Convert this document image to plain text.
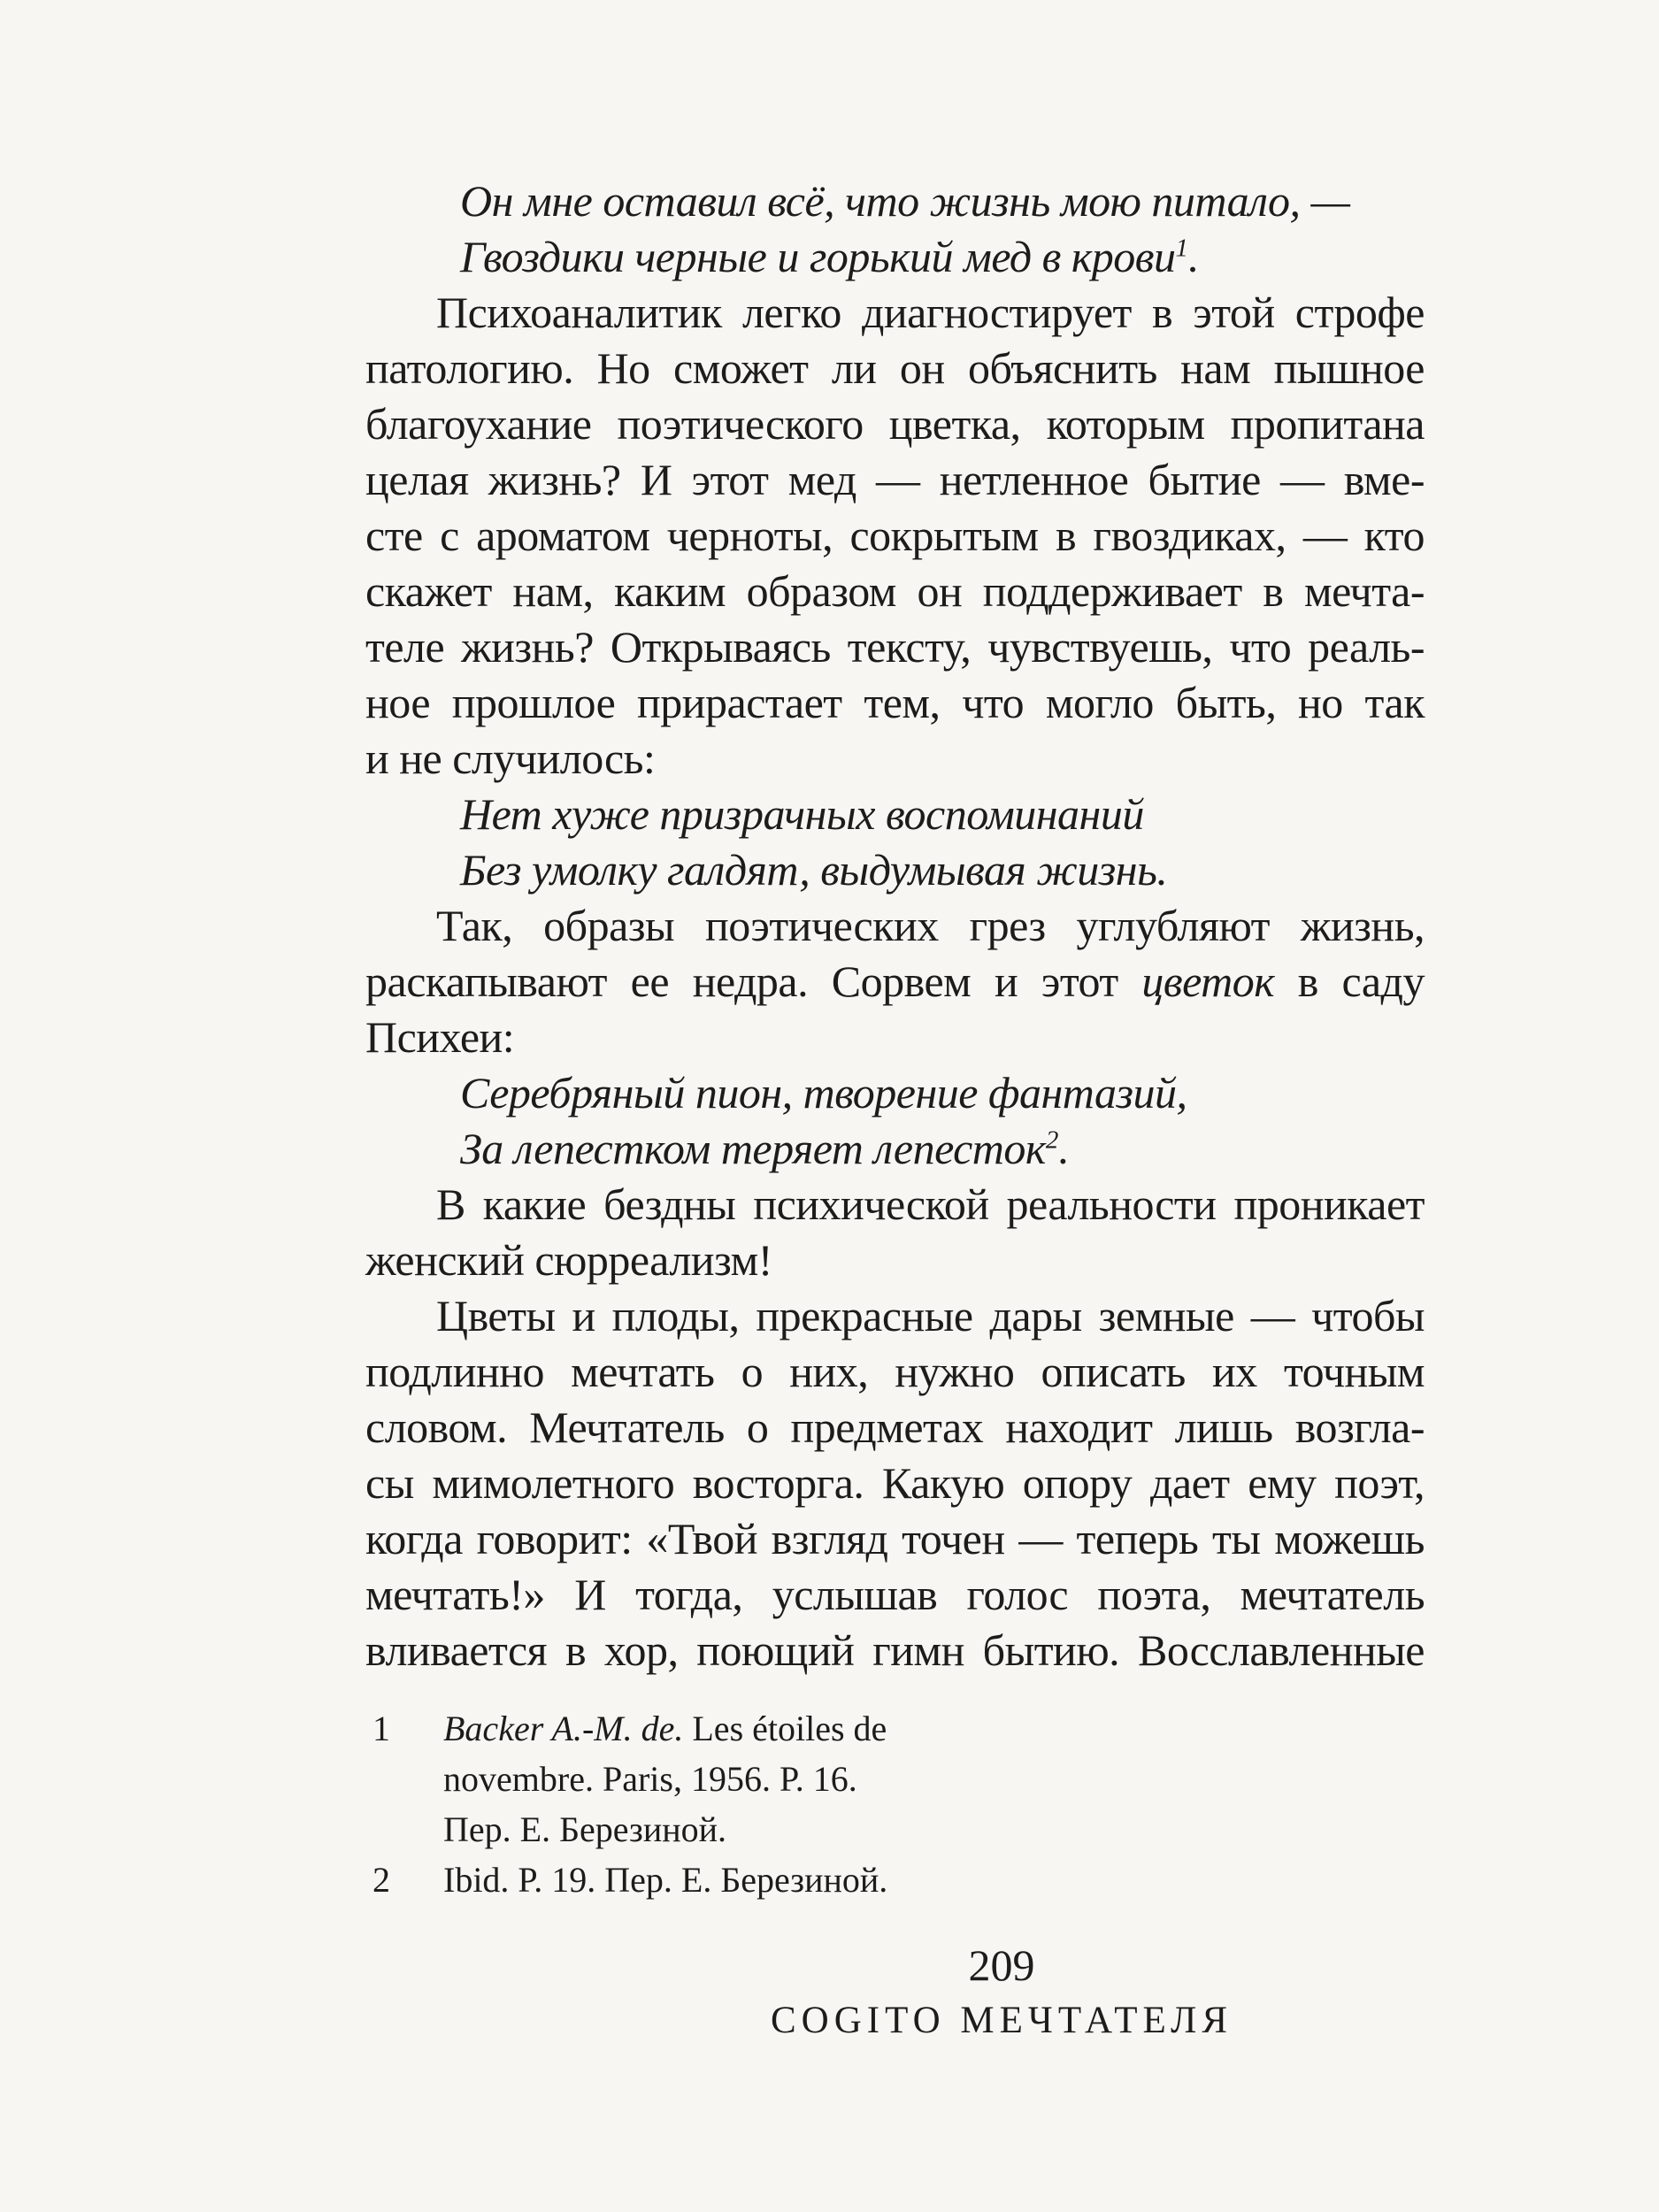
Он мне оставил всё, что жизнь мою питало, —
Гвоздики черные и горький мед в крови$^1$.
Психоаналитик легко диагностирует в этой строфе
патологию. Но сможет ли он объяснить нам пышное
благоухание поэтического цветка, которым пропитана
целая жизнь? И этот мед — нетленное бытие — вме-
сте с ароматом черноты, сокрытым в гвоздиках, — кто
скажет нам, каким образом он поддерживает в мечта-
теле жизнь? Открываясь тексту, чувствуешь, что реаль-
ное прошлое прирастает тем, что могло быть, но так
и не случилось:
Нет хуже призрачных воспоминаний
Без умолку галдят, выдумывая жизнь.
Так, образы поэтических грез углубляют жизнь,
раскапывают ее недра. Сорвем и этот цветок в саду
Психеи:
Серебряный пион, творение фантазий,
За лепестком теряет лепесток$^2$.
В какие бездны психической реальности проникает
женский сюрреализм!
Цветы и плоды, прекрасные дары земные — чтобы
подлинно мечтать о них, нужно описать их точным
словом. Мечтатель о предметах находит лишь возгла-
сы мимолетного восторга. Какую опору дает ему поэт,
когда говорит: «Твой взгляд точен — теперь ты можешь
мечтать!» И тогда, услышав голос поэта, мечтатель
вливается в хор, поющий гимн бытию. Восславленные
1	Backer A.-M. de. Les étoiles de
novembre. Paris, 1956. P. 16.
Пер. Е. Березиной.
2	Ibid. P. 19. Пер. Е. Березиной.
209
COGITO МЕЧТАТЕЛЯ
